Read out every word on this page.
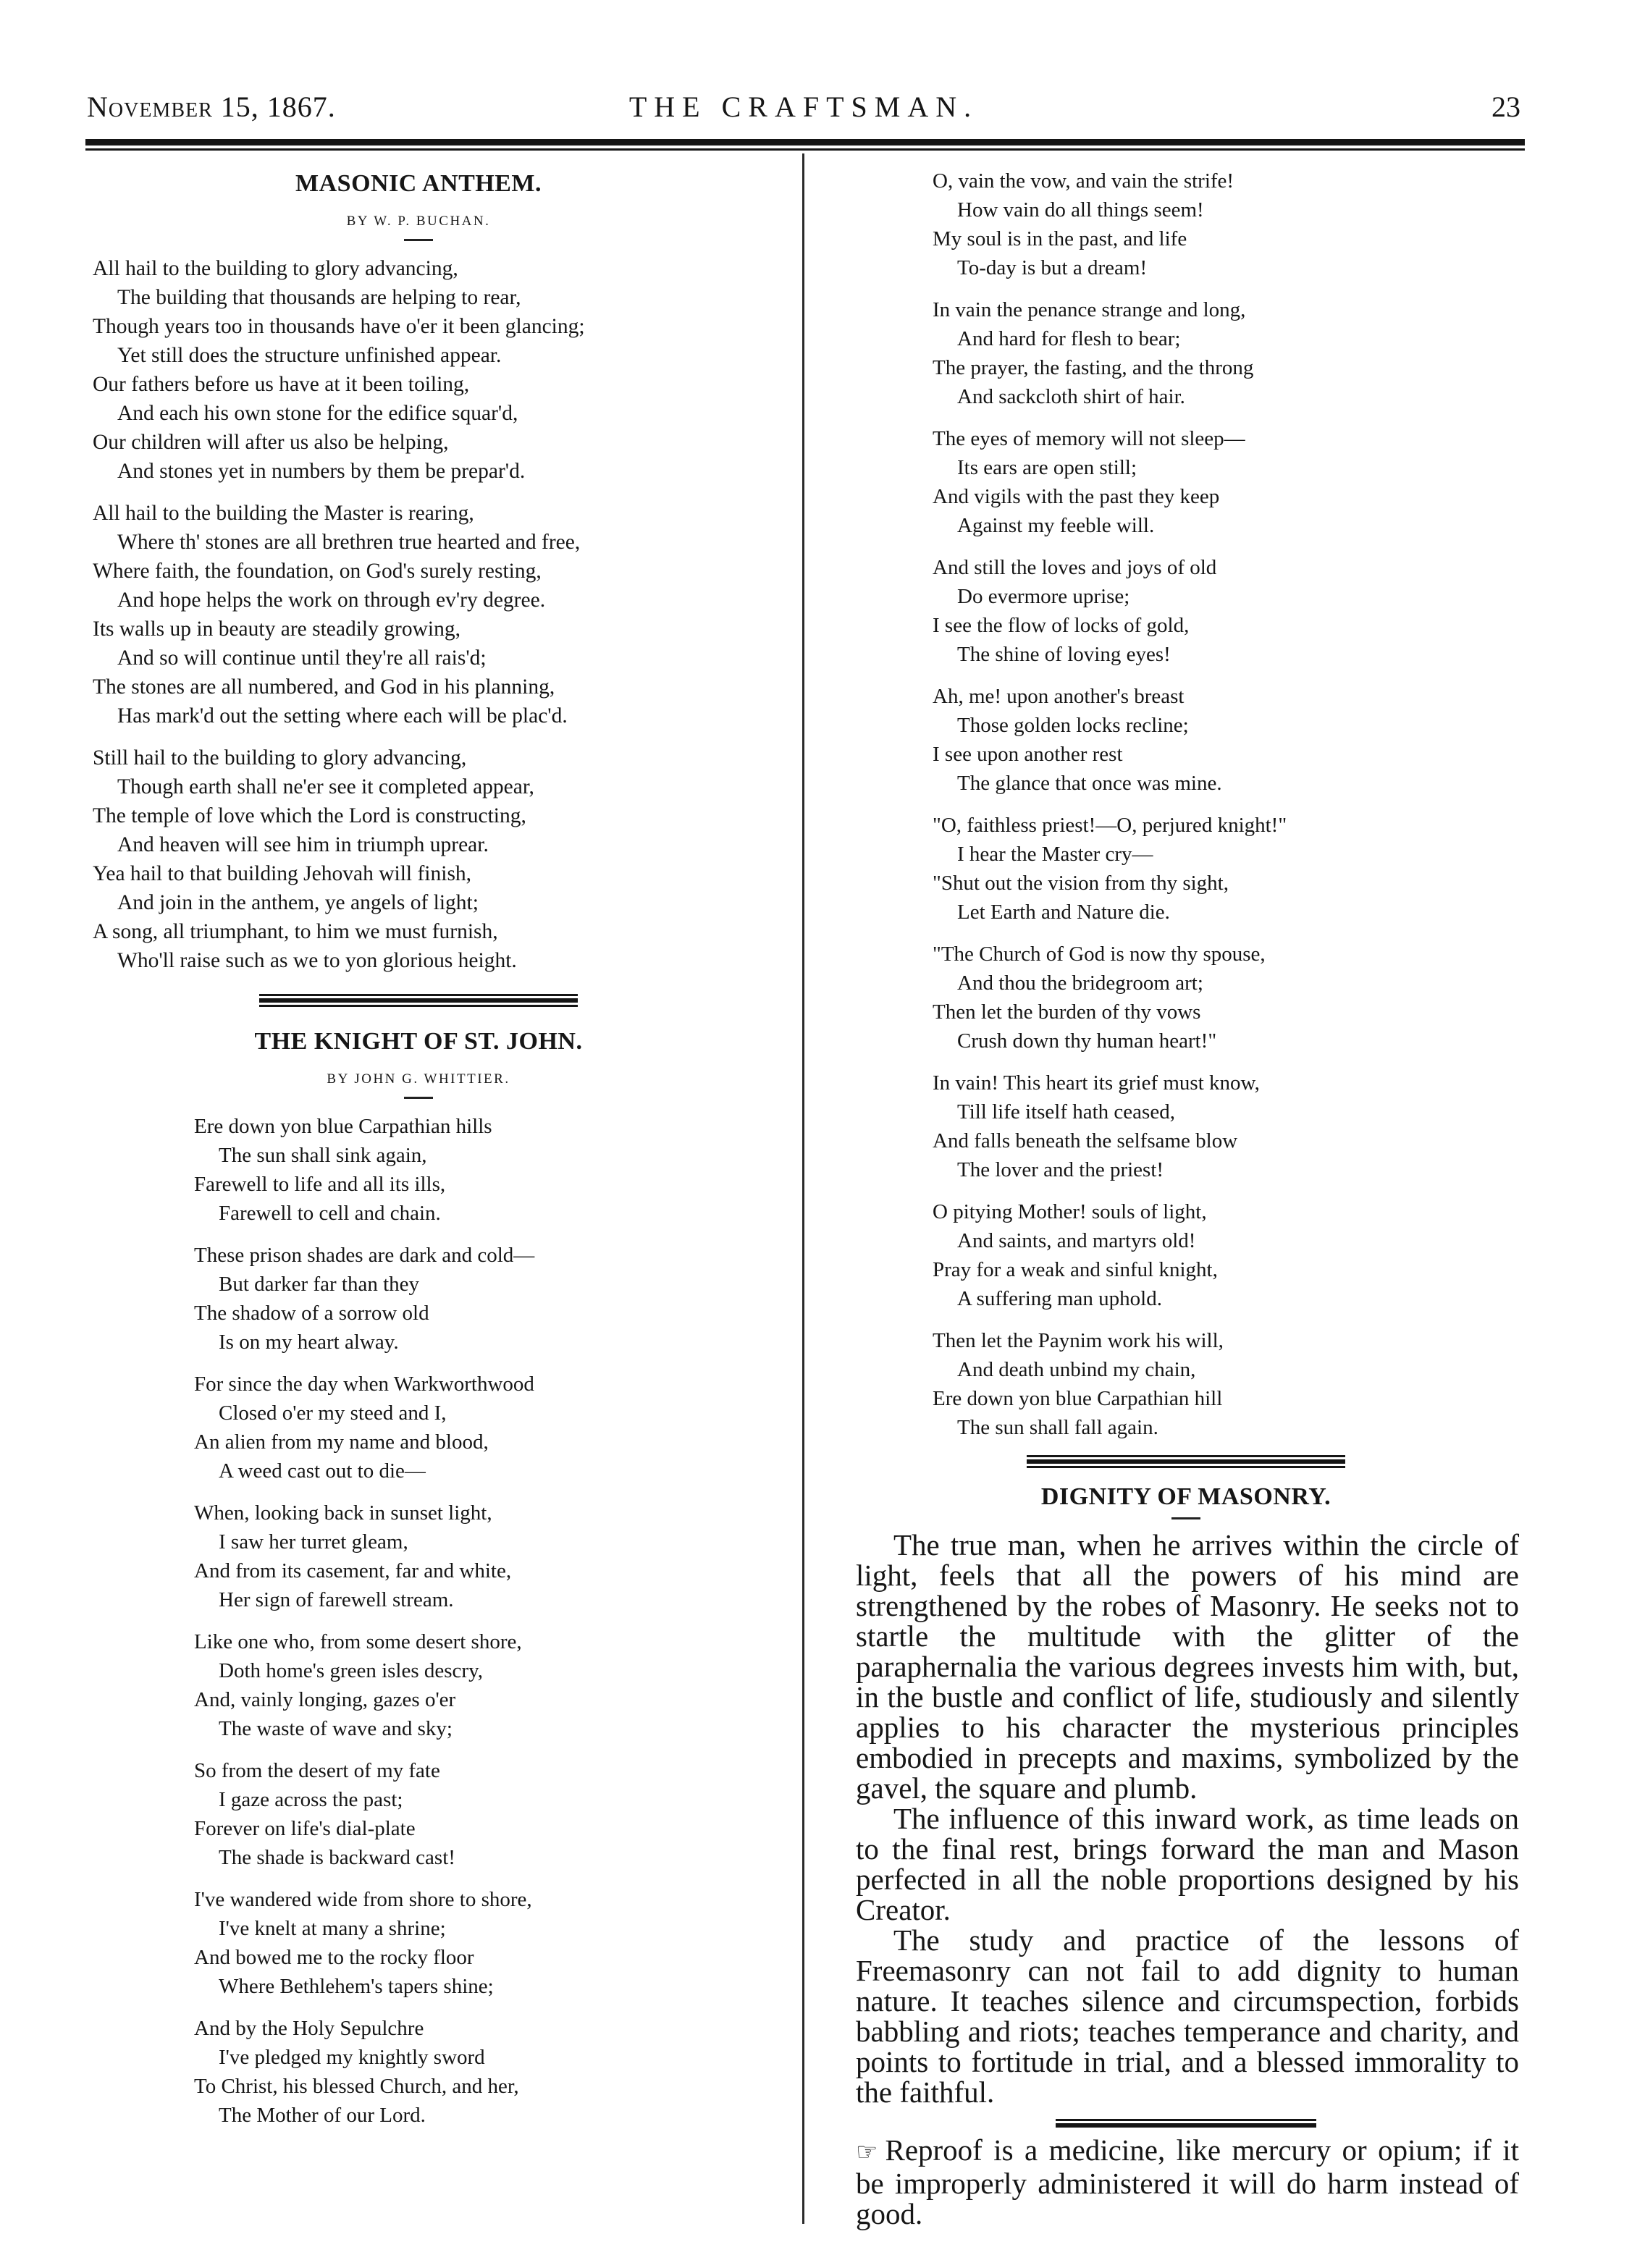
November 15, 1867.	THE CRAFTSMAN.	23
MASONIC ANTHEM.
BY W. P. BUCHAN.
All hail to the building to glory advancing,
The building that thousands are helping to rear,
Though years too in thousands have o'er it been glancing;
Yet still does the structure unfinished appear.
Our fathers before us have at it been toiling,
And each his own stone for the edifice squar'd,
Our children will after us also be helping,
And stones yet in numbers by them be prepar'd.
All hail to the building the Master is rearing,
Where th' stones are all brethren true hearted and free,
Where faith, the foundation, on God's surely resting,
And hope helps the work on through ev'ry degree.
Its walls up in beauty are steadily growing,
And so will continue until they're all rais'd;
The stones are all numbered, and God in his planning,
Has mark'd out the setting where each will be plac'd.
Still hail to the building to glory advancing,
Though earth shall ne'er see it completed appear,
The temple of love which the Lord is constructing,
And heaven will see him in triumph uprear.
Yea hail to that building Jehovah will finish,
And join in the anthem, ye angels of light;
A song, all triumphant, to him we must furnish,
Who'll raise such as we to yon glorious height.
THE KNIGHT OF ST. JOHN.
BY JOHN G. WHITTIER.
Ere down yon blue Carpathian hills
The sun shall sink again,
Farewell to life and all its ills,
Farewell to cell and chain.
These prison shades are dark and cold—
But darker far than they
The shadow of a sorrow old
Is on my heart alway.
For since the day when Warkworthwood
Closed o'er my steed and I,
An alien from my name and blood,
A weed cast out to die—
When, looking back in sunset light,
I saw her turret gleam,
And from its casement, far and white,
Her sign of farewell stream.
Like one who, from some desert shore,
Doth home's green isles descry,
And, vainly longing, gazes o'er
The waste of wave and sky;
So from the desert of my fate
I gaze across the past;
Forever on life's dial-plate
The shade is backward cast!
I've wandered wide from shore to shore,
I've knelt at many a shrine;
And bowed me to the rocky floor
Where Bethlehem's tapers shine;
And by the Holy Sepulchre
I've pledged my knightly sword
To Christ, his blessed Church, and her,
The Mother of our Lord.
O, vain the vow, and vain the strife!
How vain do all things seem!
My soul is in the past, and life
To-day is but a dream!
In vain the penance strange and long,
And hard for flesh to bear;
The prayer, the fasting, and the throng
And sackcloth shirt of hair.
The eyes of memory will not sleep—
Its ears are open still;
And vigils with the past they keep
Against my feeble will.
And still the loves and joys of old
Do evermore uprise;
I see the flow of locks of gold,
The shine of loving eyes!
Ah, me! upon another's breast
Those golden locks recline;
I see upon another rest
The glance that once was mine.
"O, faithless priest!—O, perjured knight!"
I hear the Master cry—
"Shut out the vision from thy sight,
Let Earth and Nature die.
"The Church of God is now thy spouse,
And thou the bridegroom art;
Then let the burden of thy vows
Crush down thy human heart!"
In vain! This heart its grief must know,
Till life itself hath ceased,
And falls beneath the selfsame blow
The lover and the priest!
O pitying Mother! souls of light,
And saints, and martyrs old!
Pray for a weak and sinful knight,
A suffering man uphold.
Then let the Paynim work his will,
And death unbind my chain,
Ere down yon blue Carpathian hill
The sun shall fall again.
DIGNITY OF MASONRY.

The true man, when he arrives within the circle of light, feels that all the powers of his mind are strengthened by the robes of Masonry. He seeks not to startle the multitude with the glitter of the paraphernalia the various degrees invests him with, but, in the bustle and conflict of life, studiously and silently applies to his character the mysterious principles embodied in precepts and maxims, symbolized by the gavel, the square and plumb.

The influence of this inward work, as time leads on to the final rest, brings forward the man and Mason perfected in all the noble proportions designed by his Creator.

The study and practice of the lessons of Freemasonry can not fail to add dignity to human nature. It teaches silence and circumspection, forbids babbling and riots; teaches temperance and charity, and points to fortitude in trial, and a blessed immorality to the faithful.

☞ Reproof is a medicine, like mercury or opium; if it be improperly administered it will do harm instead of good.
